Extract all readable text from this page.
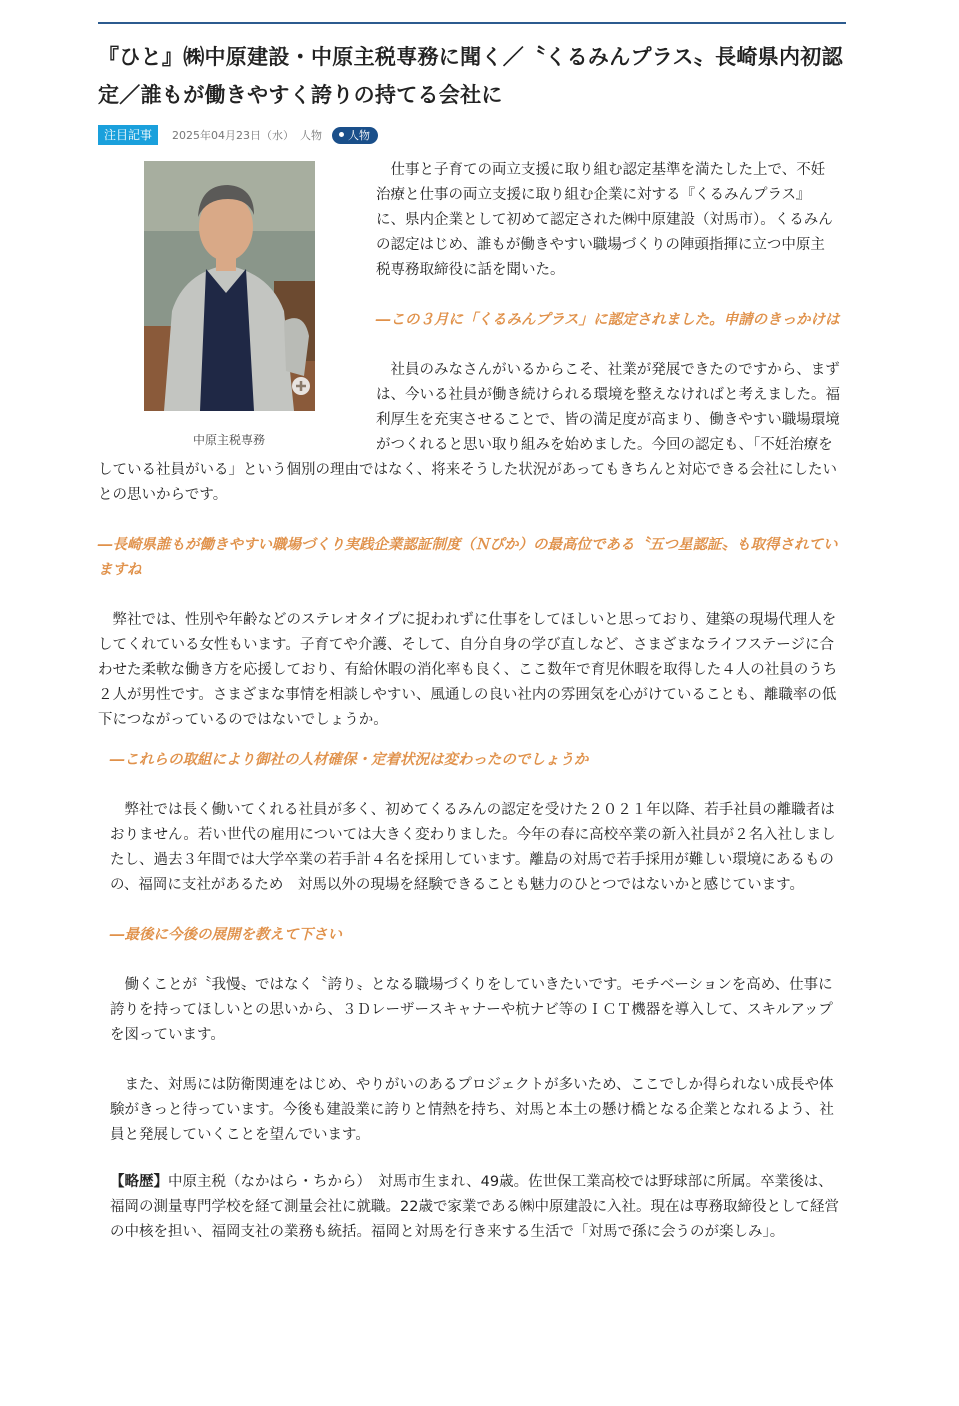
『ひと』㈱中原建設・中原主税専務に聞く／〝くるみんプラス〟長崎県内初認定／誰もが働きやすく誇りの持てる会社に
注目記事	2025年04月23日（水） 人物	人物
中原主税専務

仕事と子育ての両立支援に取り組む認定基準を満たした上で、不妊治療と仕事の両立支援に取り組む企業に対する『くるみんプラス』に、県内企業として初めて認定された㈱中原建設（対馬市）。くるみんの認定はじめ、誰もが働きやすい職場づくりの陣頭指揮に立つ中原主税専務取締役に話を聞いた。

―この３月に「くるみんプラス」に認定されました。申請のきっかけは

社員のみなさんがいるからこそ、社業が発展できたのですから、まずは、今いる社員が働き続けられる環境を整えなければと考えました。福利厚生を充実させることで、皆の満足度が高まり、働きやすい職場環境がつくれると思い取り組みを始めました。今回の認定も、「不妊治療をしている社員がいる」という個別の理由ではなく、将来そうした状況があってもきちんと対応できる会社にしたいとの思いからです。

―長崎県誰もが働きやすい職場づくり実践企業認証制度（Ｎぴか）の最高位である〝五つ星認証〟も取得されていますね

弊社では、性別や年齢などのステレオタイプに捉われずに仕事をしてほしいと思っており、建築の現場代理人をしてくれている女性もいます。子育てや介護、そして、自分自身の学び直しなど、さまざまなライフステージに合わせた柔軟な働き方を応援しており、有給休暇の消化率も良く、ここ数年で育児休暇を取得した４人の社員のうち２人が男性です。さまざまな事情を相談しやすい、風通しの良い社内の雰囲気を心がけていることも、離職率の低下につながっているのではないでしょうか。

―これらの取組により御社の人材確保・定着状況は変わったのでしょうか

弊社では長く働いてくれる社員が多く、初めてくるみんの認定を受けた２０２１年以降、若手社員の離職者はおりません。若い世代の雇用については大きく変わりました。今年の春に高校卒業の新入社員が２名入社しましたし、過去３年間では大学卒業の若手計４名を採用しています。離島の対馬で若手採用が難しい環境にあるものの、福岡に支社があるため　対馬以外の現場を経験できることも魅力のひとつではないかと感じています。

―最後に今後の展開を教えて下さい

働くことが〝我慢〟ではなく〝誇り〟となる職場づくりをしていきたいです。モチベーションを高め、仕事に誇りを持ってほしいとの思いから、３Ｄレーザースキャナーや杭ナビ等のＩＣＴ機器を導入して、スキルアップを図っています。

また、対馬には防衛関連をはじめ、やりがいのあるプロジェクトが多いため、ここでしか得られない成長や体験がきっと待っています。今後も建設業に誇りと情熱を持ち、対馬と本土の懸け橋となる企業となれるよう、社員と発展していくことを望んでいます。

【略歴】中原主税（なかはら・ちから）　対馬市生まれ、49歳。佐世保工業高校では野球部に所属。卒業後は、福岡の測量専門学校を経て測量会社に就職。22歳で家業である㈱中原建設に入社。現在は専務取締役として経営の中核を担い、福岡支社の業務も統括。福岡と対馬を行き来する生活で「対馬で孫に会うのが楽しみ」。
